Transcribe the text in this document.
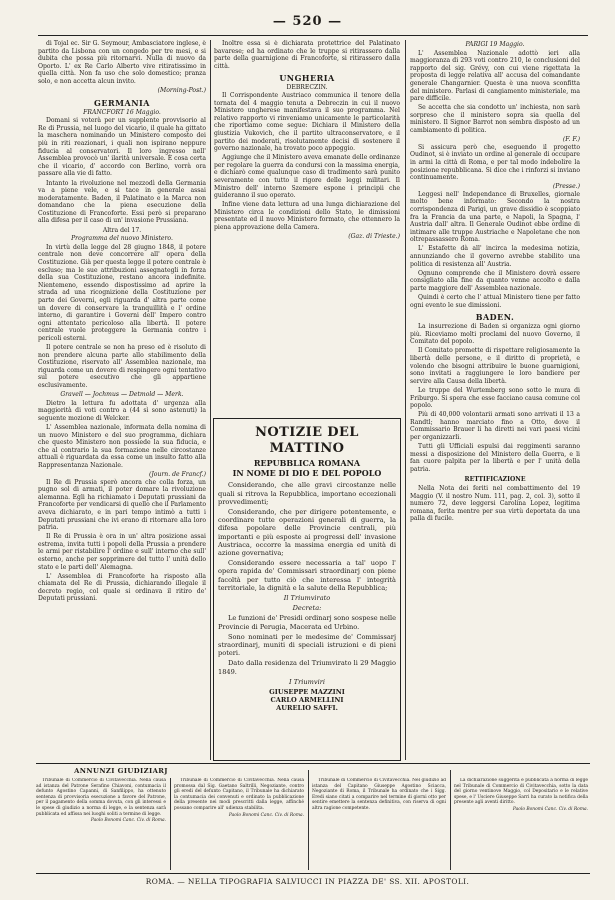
— 520 —

di Tojal ec. Sir G. Seymour, Ambasciatore inglese, è partito da Lisbona con un congedo per tre mesi, e si dubita che possa più ritornarvi. Nulla di nuovo da Oporto. L' ex Re Carlo Alberto vive ritiratissimo in quella città. Non fa uso che solo domestico; pranza solo, e non accetta alcun invito.

(Morning-Post.)
GERMANIA
FRANCFORT 16 Maggio.

Domani si voterà per un supplente provvisorio al Re di Prussia, nel luogo del vicario, il quale ha gittato la maschera nominando un Ministero composto dei più in riti reazionari, i quali non ispirano neppure fiducia al conservatori. Il loro ingresso nell' Assemblea provocò un' ilarità universale. È cosa certa che il vicario, d' accordo con Berlino, vorrà ora passare alla vie di fatto.

Intanto la rivoluzione nel mezzodì della Germania va a piene vele, e si tace in generale assai moderatamente. Baden, il Palatinato e la Marca non domandano che la piena esecuzione della Costituzione di Francoforte. Essi però si preparano alla difesa per il caso di un' invasione Prussiana.

Altra del 17.
Programma del nuovo Ministero.

In virtù della legge del 28 giugno 1848, il potere centrale non deve concorrere all' opera della Costituzione. Già per questa legge il potere centrale è escluso; ma le sue attribuzioni assegnategli in forza della sua Costituzione, restano ancora indefinite. Nientemeno, essendo dispostissimo ad aprire la strada ad una ricognizione della Costituzione per parte dei Governi, egli riguarda d' altra parte come un dovere di conservare la tranquillità e l' ordine interno, di garantire i Governi dell' Impero contro ogni attentato pericoloso alla libertà. Il potere centrale vuole proteggere la Germania contro i pericoli esterni.

Il potere centrale se non ha preso ed è risoluto di non prendere alcuna parte allo stabilimento della Costituzione, riservato all' Assemblea nazionale, ma riguarda come un dovere di respingere ogni tentativo sul potere esecutivo che gli appartiene esclusivamente.

Gravell — Jochmus — Detmold — Merk.

Dietro la lettura fu adottata d' urgenza alla maggiorità di voti contro a (44 sì sono astenuti) la seguente mozione di Welcker.

L' Assemblea nazionale, informata della nomina di un nuovo Ministero e del suo programma, dichiara che questo Ministero non possiede la sua fiducia, e che al contrario la sua formazione nelle circostanze attuali è riguardata da essa come un insulto fatto alla Rappresentanza Nazionale.

(Journ. de Francf.)

Il Re di Prussia sperò ancora che colla forza, un pugno sol di armati, il poter domare la rivoluzione alemanna. Egli ha richiamato i Deputati prussiani da Francoforte per vendicarsi di quello che il Parlamento aveva dichiarato, e in pari tempo intimò a tutti i Deputati prussiani che ivi erano di ritornare alla loro patria.

Il Re di Prussia è ora in un' altra posizione assai estrema, invita tutti i popoli della Prussia a prendere le armi per ristabilire l' ordine e sull' interno che sull' esterno, anche per sopprimere del tutto l' unità dello stato e le parti dell' Alemagna.

L' Assemblea di Francoforte ha risposto alla chiamata del Re di Prussia, dichiarando illegale il decreto regio, col quale si ordinava il ritiro de' Deputati prussiani.

Inoltre essa si è dichiarata protettrice del Palatinato bavarese; ed ha ordinato che le truppe si ritirassero dalla parte della guarnigione di Francoforte, si ritirassero dalla città.

UNGHERIA
DEBRECZIN.

Il Corrispondente Austriaco communica il tenore della tornata del 4 maggio tenuta a Debreczin in cui il nuovo Ministero ungherese manifestava il suo programma. Nel relativo rapporto vi rinveniamo unicamente le particolarità che riportiamo come segue: Dichiara il Ministero della giustizia Vukovich, che il partito ultraconservatore, e il partito dei moderati, risolutamente decisi di sostenere il governo nazionale, ha trovato poco appoggio.

Aggiunge che il Ministero aveva emanate delle ordinanze per regolare la guerra da condursi con la massima energia, e dichiarò come qualunque caso di tradimento sarà punito severamente con tutto il rigore delle leggi militari. Il Ministro dell' interno Szemere espone i principii che guideranno il suo operato.

Infine viene data lettura ad una lunga dichiarazione del Ministero circa le condizioni dello Stato, le dimissioni presentate ed il nuovo Ministero formato, che ottennero la piena approvazione della Camera.

(Gaz. di Trieste.)
NOTIZIE DEL MATTINO
REPUBBLICA ROMANA
IN NOME DI DIO E DEL POPOLO

Considerando, che alle gravi circostanze nelle quali si ritrova la Repubblica, importano eccezionali provvedimenti;

Considerando, che per dirigere potentemente, e coordinare tutte operazioni generali di guerra, la difesa popolare delle Provincie centrali, più importanti e più esposte ai progressi dell' invasione Austriaca, occorre la massima energia ed unità di azione governativa;

Considerando essere necessaria a tal' uopo l' opera rapida de' Commissari straordinarj con piene facoltà per tutto ciò che interessa l' integrità territoriale, la dignità e la salute della Repubblica;

Il Triumvirato
Decreta:

Le funzioni de' Presidi ordinarj sono sospese nelle Provincie di Perugia, Macerata ed Urbino.

Sono nominati per le medesime de' Commissarj straordinarj, muniti di speciali istruzioni e di pieni poteri.

Dato dalla residenza del Triumvirato li 29 Maggio 1849.

I Triumviri
GIUSEPPE MAZZINI
CARLO ARMELLINI
AURELIO SAFFI.
PARIGI 19 Maggio.

L' Assemblea Nazionale adottò ieri alla maggioranza di 293 voti contro 210, le conclusioni del rapporto del sig. Grévy, con cui viene rigettata la proposta di legge relativa all' accusa del comandante generale Changarnier. Questa è una nuova sconfitta del ministero. Parlasi di cangiamento ministeriale, ma pare difficile.

Se accetta che sia condotto un' inchiesta, non sarà sorpreso che il ministero sopra sia quella del ministero. Il Signor Barrot non sembra disposto ad un cambiamento di politica.

(F. F.)

Si assicura però che, eseguendo il progetto Oudinot, si è inviato un ordine al generale di occupare in armi la città di Roma, e per tal modo indebolire la posizione repubblicana. Si dice che i rinforzi si inviano continuamente.

(Presse.)

Leggesi nell' Independance di Bruxelles, giornale molto bene informato: Secondo la nostra corrispondenza di Parigi, un grave dissidio è scoppiato fra la Francia da una parte, e Napoli, la Spagna, l' Austria dall' altra. Il Generale Oudinot ebbe ordine di intimare alle truppe Austriache e Napoletane che non oltrepassassero Roma.

L' Estafette dà all' incirca la medesima notizia, annunziando che il governo avrebbe stabilito una politica di resistenza all' Austria.

Ognuno comprende che il Ministero dovrà essere consigliato alla fine da quanto venne accolto e dalla parte maggiore dell' Assemblea nazionale.

Quindi è certo che l' attual Ministero tiene per fatto ogni evento le sue dimissioni.

BADEN.

La insurrezione di Baden si organizza ogni giorno più. Riceviamo molti proclami del nuovo Governo, il Comitato del popolo.

Il Comitato promette di rispettare religiosamente la libertà delle persone, e il diritto di proprietà, e volendo che bisogni attribuire le buone guarnigioni, sono invitati a raggiungere le loro bandiere per servire alla Causa della libertà.

Le truppe del Wurtemberg sono sotto le mura di Friburgo. Si spera che esse facciano causa comune col popolo.

Più di 40,000 volontarii armati sono arrivati il 13 a Randtl; hanno marciato fino a Otto, dove il Commissario Brauer li ha diretti nei vari paesi vicini per organizzarli.

Tutti gli Ufficiali espulsi dai reggimenti saranno messi a disposizione del Ministero della Guerra, e li fan cuore palpita per la libertà e per l' unità della patria.

RETTIFICAZIONE

Nella Nota dei feriti nel combattimento del 19 Maggio (V. il nostro Num. 111, pag. 2, col. 3), sotto il numero 72, deve leggersi Carolina Lopez, legitima romana, ferita mentre per sua virtù deportata da una palla di fucile.

ANNUNZI GIUDIZIARJ

Tribunale di Commercio di Civitavecchia. Nella causa ad istanza del Patrone Serafino Chiavoni, contumacia il defunto Agostino Capanni, di Sanfilippo, ha ottenuto sentenza di provvisoria esecuzione a favore del Patrone, per il pagamento della somma dovuta, con gli interessi e le spese di giudizio a norma di legge, e la sentenza sarà pubblicata ed affissa nei luoghi soliti a termine di legge.

Paolo Bonomi Canc. Civ. di Roma.

Tribunale di Commercio di Civitavecchia. Nella causa promossa dal Sig. Gaetano Saltrilli, Negoziante, contro gli eredi del defunto Capitano, il Tribunale ha dichiarato la contumacia dei convenuti e ordinato la pubblicazione della presente nei modi prescritti dalla legge, affinché possano comparire all' udienza stabilita.

Paolo Bonomi Canc. Civ. di Roma.

Tribunale di Commercio di Civitavecchia. Nel giudizio ad istanza del Capitano Giuseppe Agostino Sciacca, Negoziante di Roma, il Tribunale ha ordinato che i Sigg. Eredi siano citati a comparire nel termine di giorni otto per sentire emettere la sentenza definitiva, con riserva di ogni altra ragione competente.

La dichiarazione suggerita è pubblicata a norma di legge nel Tribunale di Commercio di Civitavecchia, sotto la data del giorno ventinove Maggio, col Depositario e le relative spese, e l' Usciere Giuseppe Sarri ha curato la notifica della presente agli aventi diritto.

Paolo Bonomi Canc. Civ. di Roma.
ROMA. — NELLA TIPOGRAFIA SALVIUCCI IN PIAZZA DE' SS. XII. APOSTOLI.
